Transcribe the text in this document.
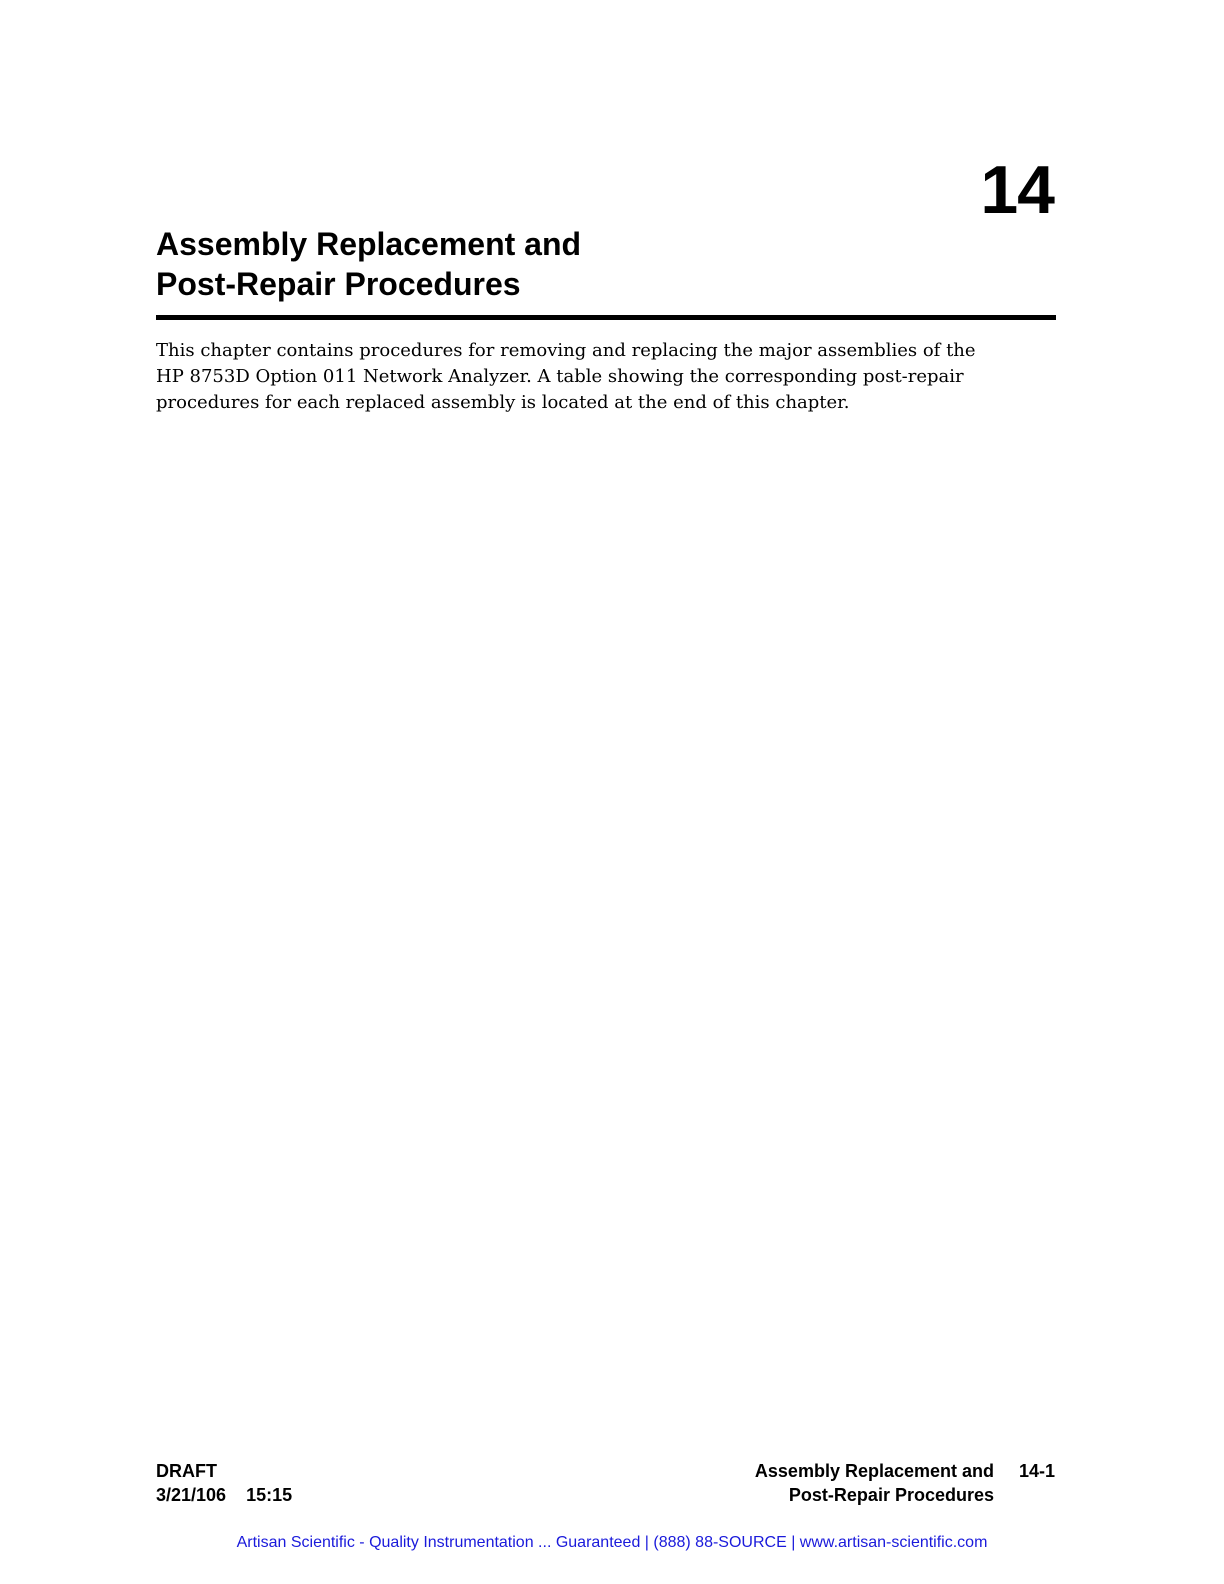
14
Assembly Replacement and
Post-Repair Procedures

This chapter contains procedures for removing and replacing the major assemblies of the
HP 8753D Option 011 Network Analyzer. A table showing the corresponding post-repair
procedures for each replaced assembly is located at the end of this chapter.

DRAFT
3/21/106    15:15
Assembly Replacement and
Post-Repair Procedures
14-1
Artisan Scientific - Quality Instrumentation ... Guaranteed | (888) 88-SOURCE | www.artisan-scientific.com
